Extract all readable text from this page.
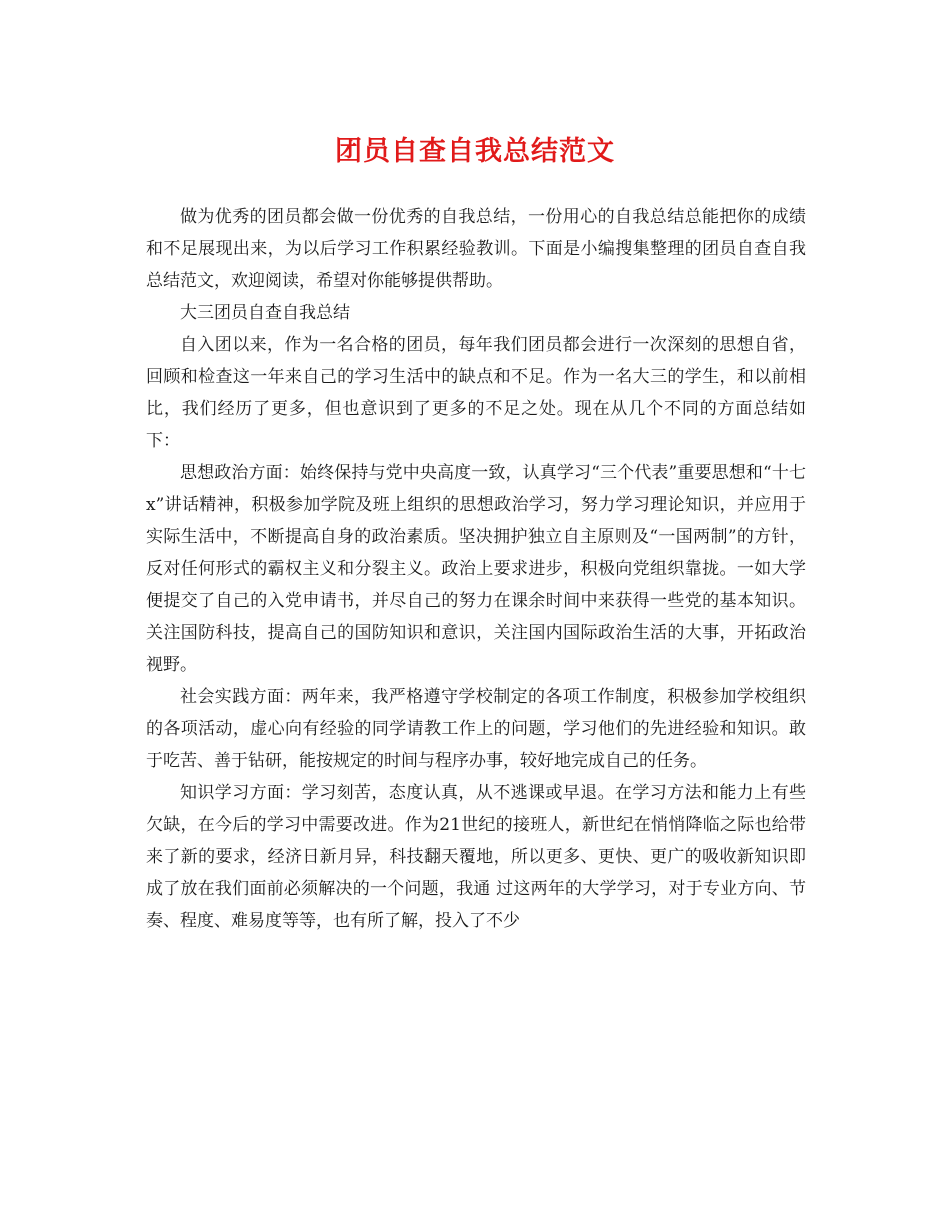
团员自查自我总结范文

做为优秀的团员都会做一份优秀的自我总结，一份用心的自我总结总能把你的成绩和不足展现出来，为以后学习工作积累经验教训。下面是小编搜集整理的团员自查自我总结范文，欢迎阅读，希望对你能够提供帮助。

大三团员自查自我总结

自入团以来，作为一名合格的团员，每年我们团员都会进行一次深刻的思想自省，回顾和检查这一年来自己的学习生活中的缺点和不足。作为一名大三的学生，和以前相比，我们经历了更多，但也意识到了更多的不足之处。现在从几个不同的方面总结如下：

思想政治方面：始终保持与党中央高度一致，认真学习“三个代表”重要思想和“十七x”讲话精神，积极参加学院及班上组织的思想政治学习，努力学习理论知识，并应用于实际生活中，不断提高自身的政治素质。坚决拥护独立自主原则及“一国两制”的方针，反对任何形式的霸权主义和分裂主义。政治上要求进步，积极向党组织靠拢。一如大学便提交了自己的入党申请书，并尽自己的努力在课余时间中来获得一些党的基本知识。关注国防科技，提高自己的国防知识和意识，关注国内国际政治生活的大事，开拓政治视野。

社会实践方面：两年来，我严格遵守学校制定的各项工作制度，积极参加学校组织的各项活动，虚心向有经验的同学请教工作上的问题，学习他们的先进经验和知识。敢于吃苦、善于钻研，能按规定的时间与程序办事，较好地完成自己的任务。

知识学习方面：学习刻苦，态度认真，从不逃课或早退。在学习方法和能力上有些欠缺，在今后的学习中需要改进。作为21世纪的接班人，新世纪在悄悄降临之际也给带来了新的要求，经济日新月异，科技翻天覆地，所以更多、更快、更广的吸收新知识即成了放在我们面前必须解决的一个问题，我通 过这两年的大学学习，对于专业方向、节奏、程度、难易度等等，也有所了解，投入了不少
